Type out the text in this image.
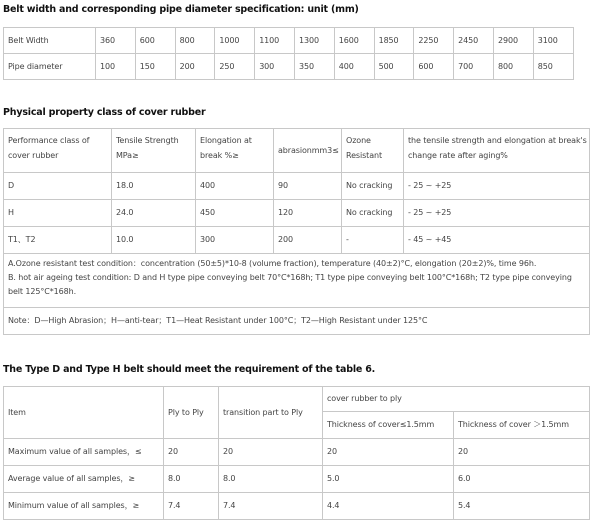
Belt width and corresponding pipe diameter specification: unit (mm)
Belt Width	360	600	800	1000	1100	1300	1600	1850	2250	2450	2900	3100
Pipe diameter	100	150	200	250	300	350	400	500	600	700	800	850
Physical property class of cover rubber
Performance class of cover rubber	Tensile Strength MPa≥	Elongation at break %≥	abrasionmm3≤	Ozone Resistant	the tensile strength and elongation at break's change rate after aging%
D	18.0	400	90	No cracking	- 25 ~ +25
H	24.0	450	120	No cracking	- 25 ~ +25
T1、T2	10.0	300	200	-	- 45 ~ +45

A.Ozone resistant test condition：concentration (50±5)*10-8 (volume fraction), temperature (40±2)°C, elongation (20±2)%, time 96h.
B. hot air ageing test condition: D and H type pipe conveying belt 70°C*168h; T1 type pipe conveying belt 100°C*168h; T2 type pipe conveying belt 125°C*168h.					

Note：D—High Abrasion；H—anti-tear；T1—Heat Resistant under 100°C；T2—High Resistant under 125°C					
The Type D and Type H belt should meet the requirement of the table 6.
Item	Ply to Ply	transition part to Ply	cover rubber to ply	
			Thickness of cover≤1.5mm	Thickness of cover ＞1.5mm
Maximum value of all samples，≤	20	20	20	20
Average value of all samples，≥	8.0	8.0	5.0	6.0
Minimum value of all samples，≥	7.4	7.4	4.4	5.4
